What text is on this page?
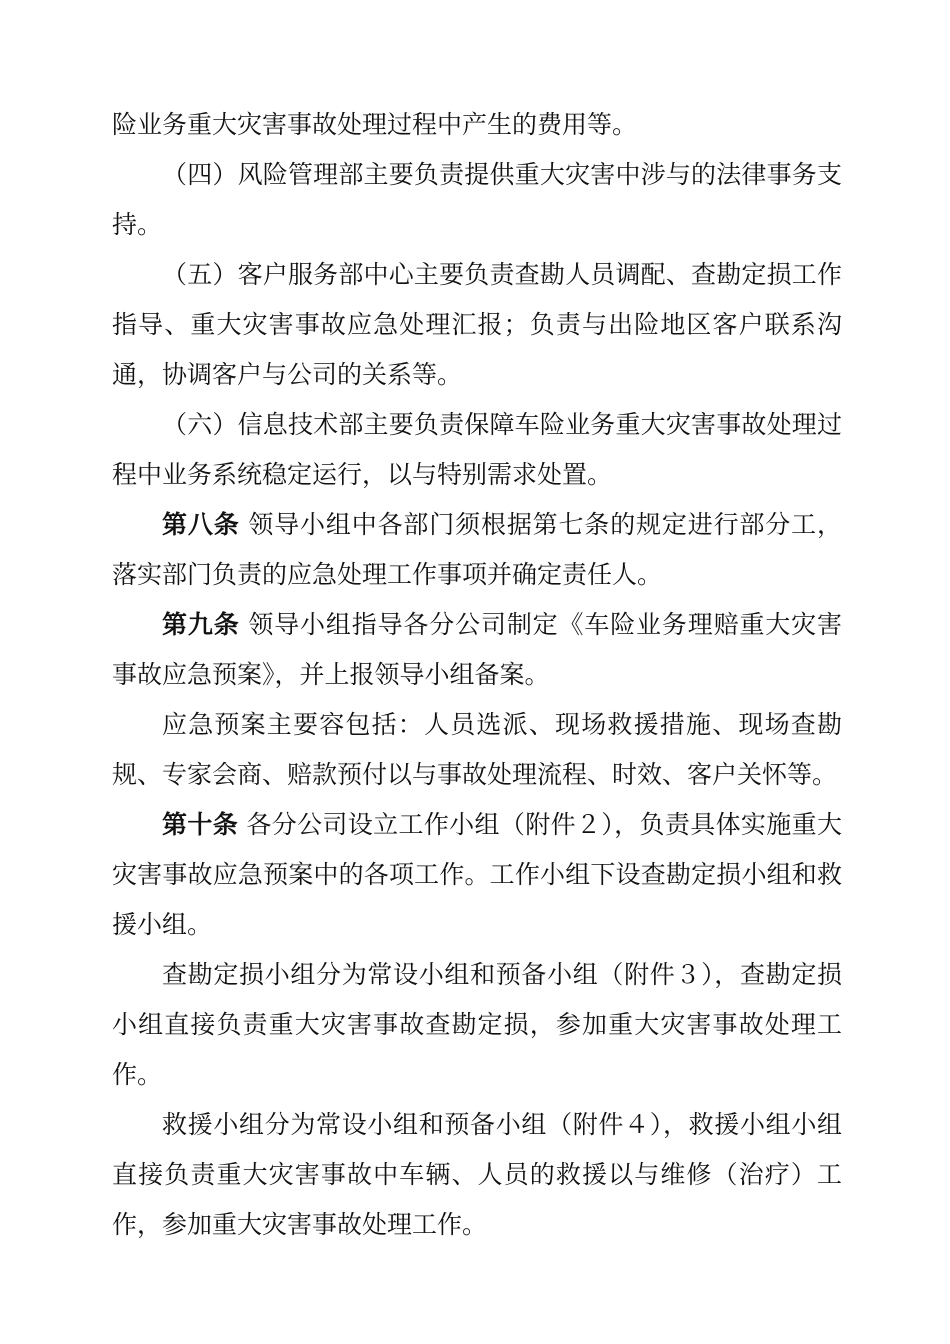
险业务重大灾害事故处理过程中产生的费用等。

（四）风险管理部主要负责提供重大灾害中涉与的法律事务支持。

（五）客户服务部中心主要负责查勘人员调配、查勘定损工作指导、重大灾害事故应急处理汇报；负责与出险地区客户联系沟通，协调客户与公司的关系等。

（六）信息技术部主要负责保障车险业务重大灾害事故处理过程中业务系统稳定运行，以与特别需求处置。

第八条 领导小组中各部门须根据第七条的规定进行部分工，落实部门负责的应急处理工作事项并确定责任人。

第九条 领导小组指导各分公司制定《车险业务理赔重大灾害事故应急预案》，并上报领导小组备案。

应急预案主要容包括：人员选派、现场救援措施、现场查勘规、专家会商、赔款预付以与事故处理流程、时效、客户关怀等。

第十条 各分公司设立工作小组（附件２），负责具体实施重大灾害事故应急预案中的各项工作。工作小组下设查勘定损小组和救援小组。

查勘定损小组分为常设小组和预备小组（附件３），查勘定损小组直接负责重大灾害事故查勘定损，参加重大灾害事故处理工作。

救援小组分为常设小组和预备小组（附件４），救援小组小组直接负责重大灾害事故中车辆、人员的救援以与维修（治疗）工作，参加重大灾害事故处理工作。
